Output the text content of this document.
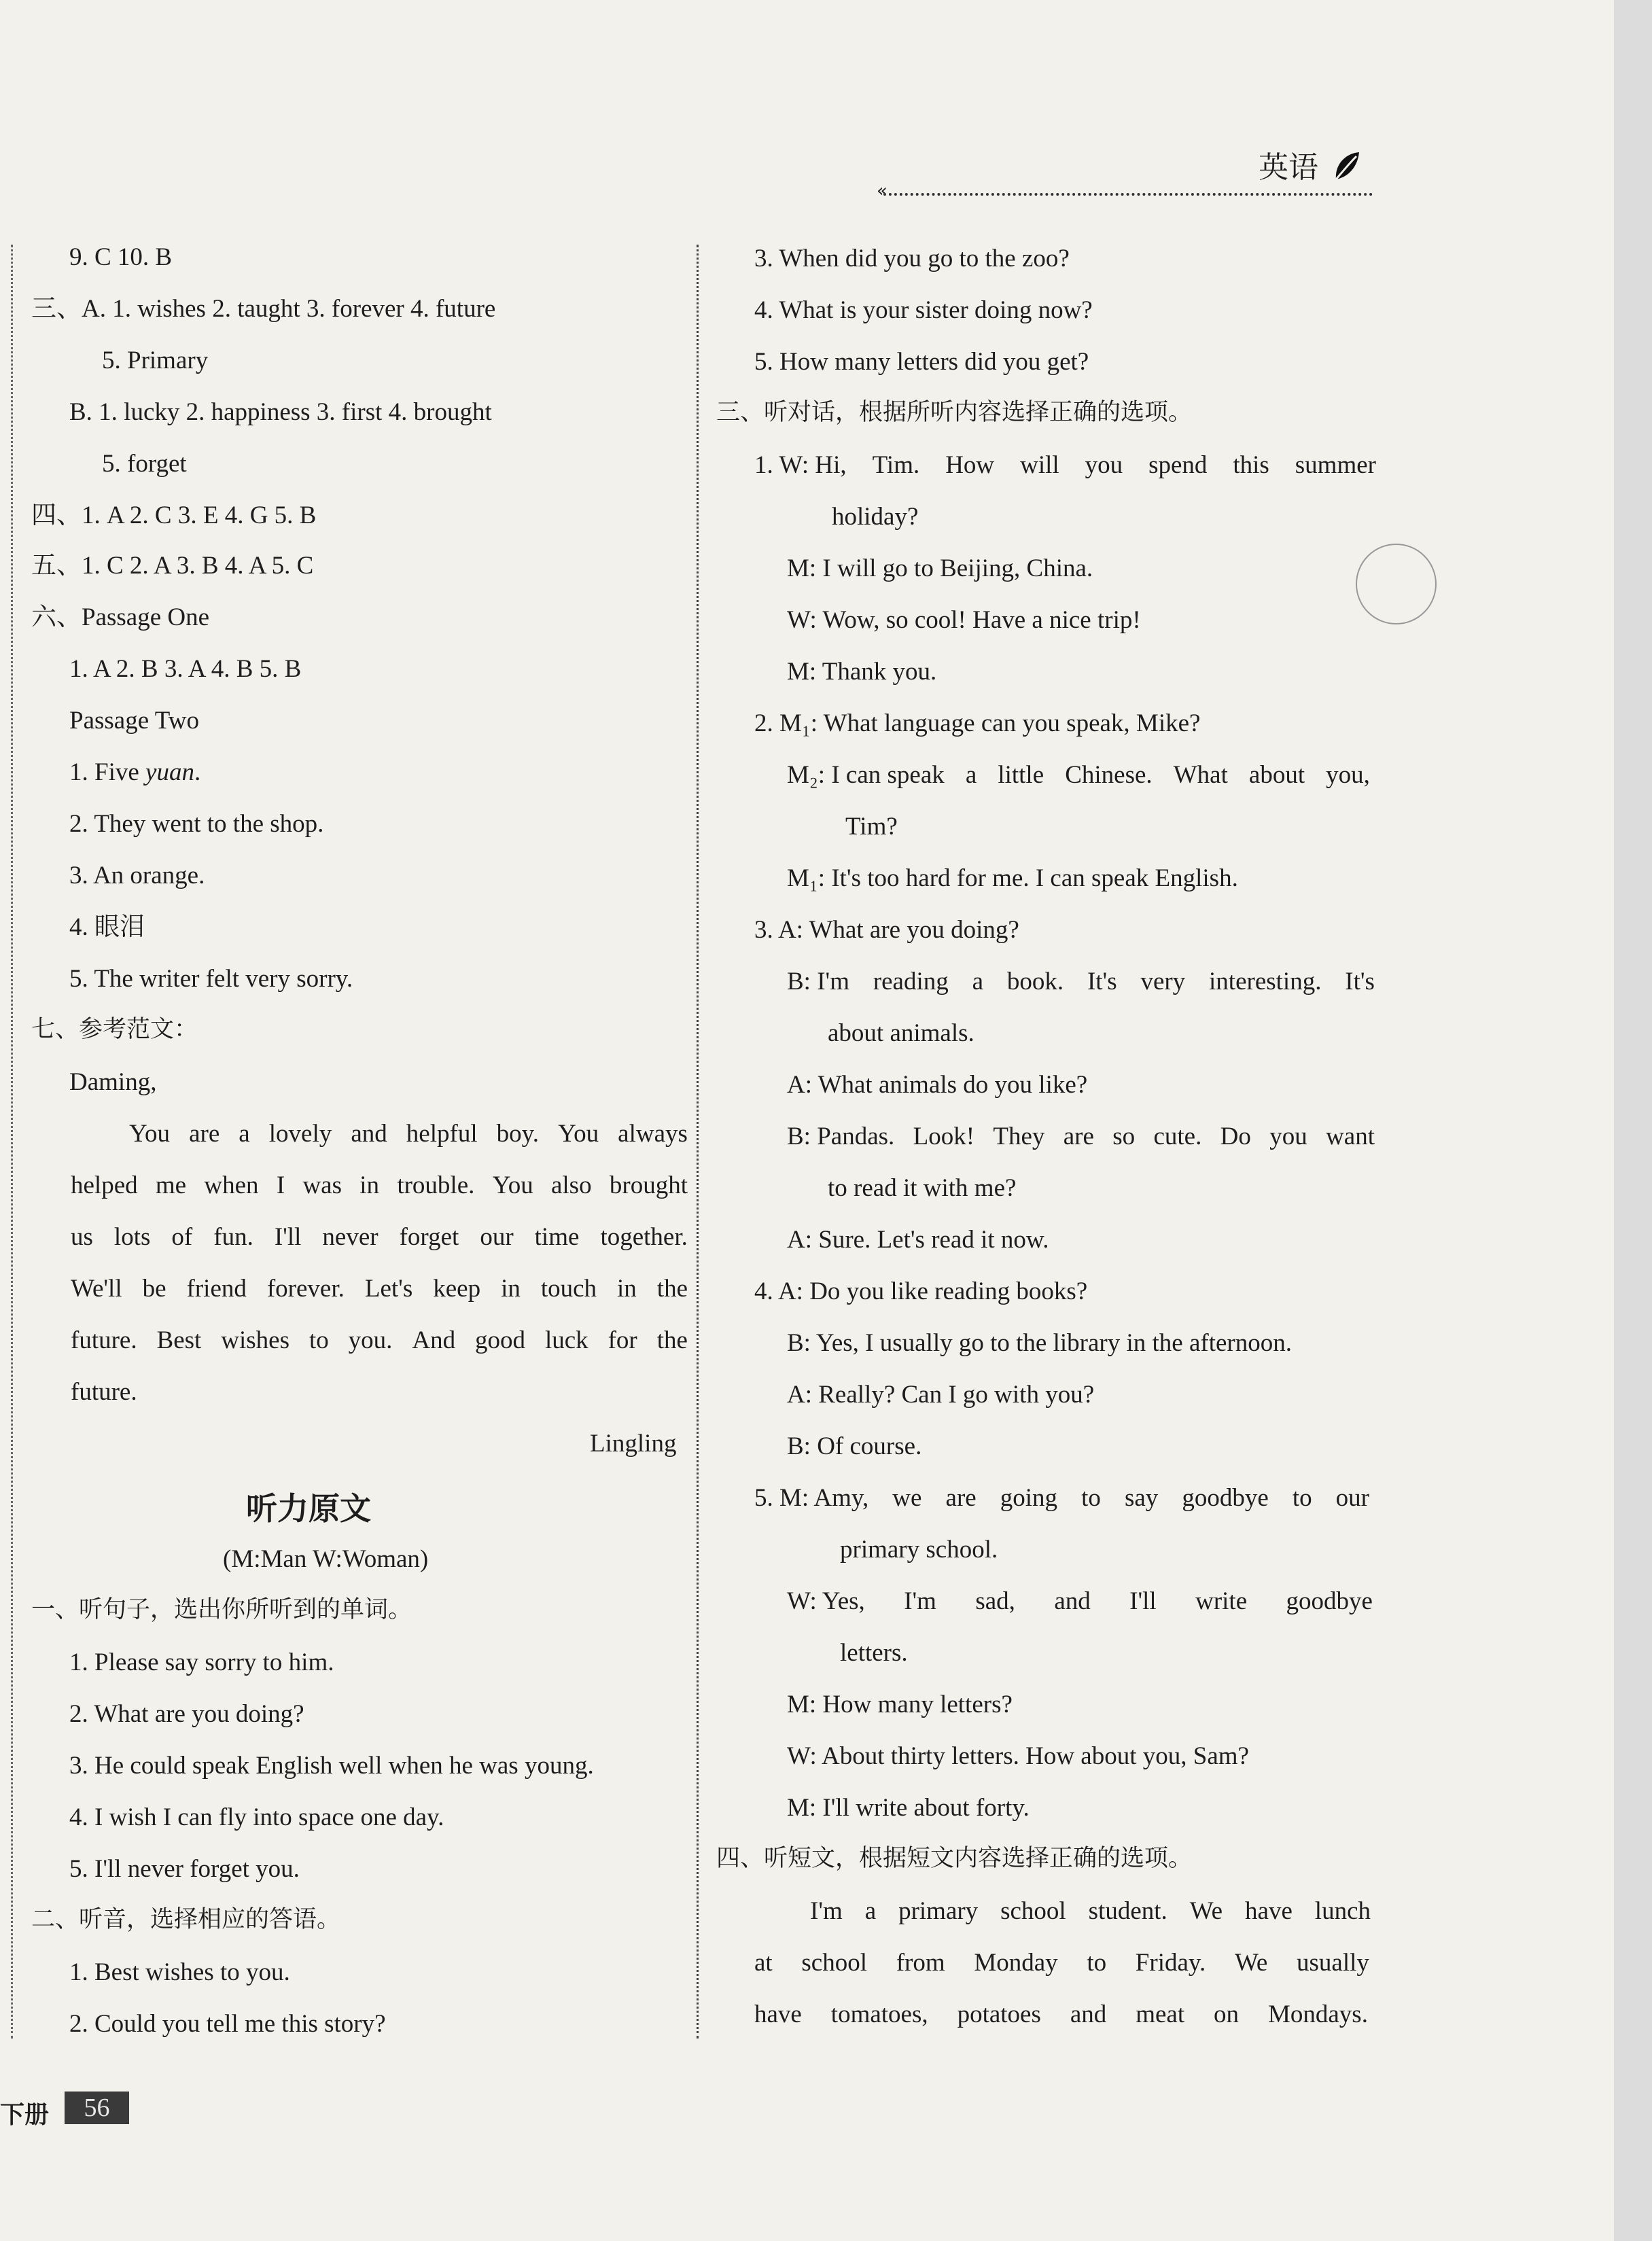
英语
«
9. C 10. B
三、A. 1. wishes 2. taught 3. forever 4. future
5. Primary
B. 1. lucky 2. happiness 3. first 4. brought
5. forget
四、1. A 2. C 3. E 4. G 5. B
五、1. C 2. A 3. B 4. A 5. C
六、Passage One
1. A 2. B 3. A 4. B 5. B
Passage Two
1. Five yuan.
2. They went to the shop.
3. An orange.
4. 眼泪
5. The writer felt very sorry.
七、参考范文：
Daming,
You are a lovely and helpful boy. You always
helped me when I was in trouble. You also brought
us lots of fun. I'll never forget our time together.
We'll be friend forever. Let's keep in touch in the
future. Best wishes to you. And good luck for the
future.
Lingling
听力原文
(M:Man W:Woman)
一、听句子，选出你所听到的单词。
1. Please say sorry to him.
2. What are you doing?
3. He could speak English well when he was young.
4. I wish I can fly into space one day.
5. I'll never forget you.
二、听音，选择相应的答语。
1. Best wishes to you.
2. Could you tell me this story?
3. When did you go to the zoo?
4. What is your sister doing now?
5. How many letters did you get?
三、听对话，根据所听内容选择正确的选项。
1. W: Hi, Tim. How will you spend this summer
holiday?
M: I will go to Beijing, China.
W: Wow, so cool! Have a nice trip!
M: Thank you.
2. M₁: What language can you speak, Mike?
M₂: I can speak a little Chinese. What about you,
Tim?
M₁: It's too hard for me. I can speak English.
3. A: What are you doing?
B: I'm reading a book. It's very interesting. It's
about animals.
A: What animals do you like?
B: Pandas. Look! They are so cute. Do you want
to read it with me?
A: Sure. Let's read it now.
4. A: Do you like reading books?
B: Yes, I usually go to the library in the afternoon.
A: Really? Can I go with you?
B: Of course.
5. M: Amy, we are going to say goodbye to our
primary school.
W: Yes, I'm sad, and I'll write goodbye
letters.
M: How many letters?
W: About thirty letters. How about you, Sam?
M: I'll write about forty.
四、听短文，根据短文内容选择正确的选项。
I'm a primary school student. We have lunch
at school from Monday to Friday. We usually
have tomatoes, potatoes and meat on Mondays.
下册	56
